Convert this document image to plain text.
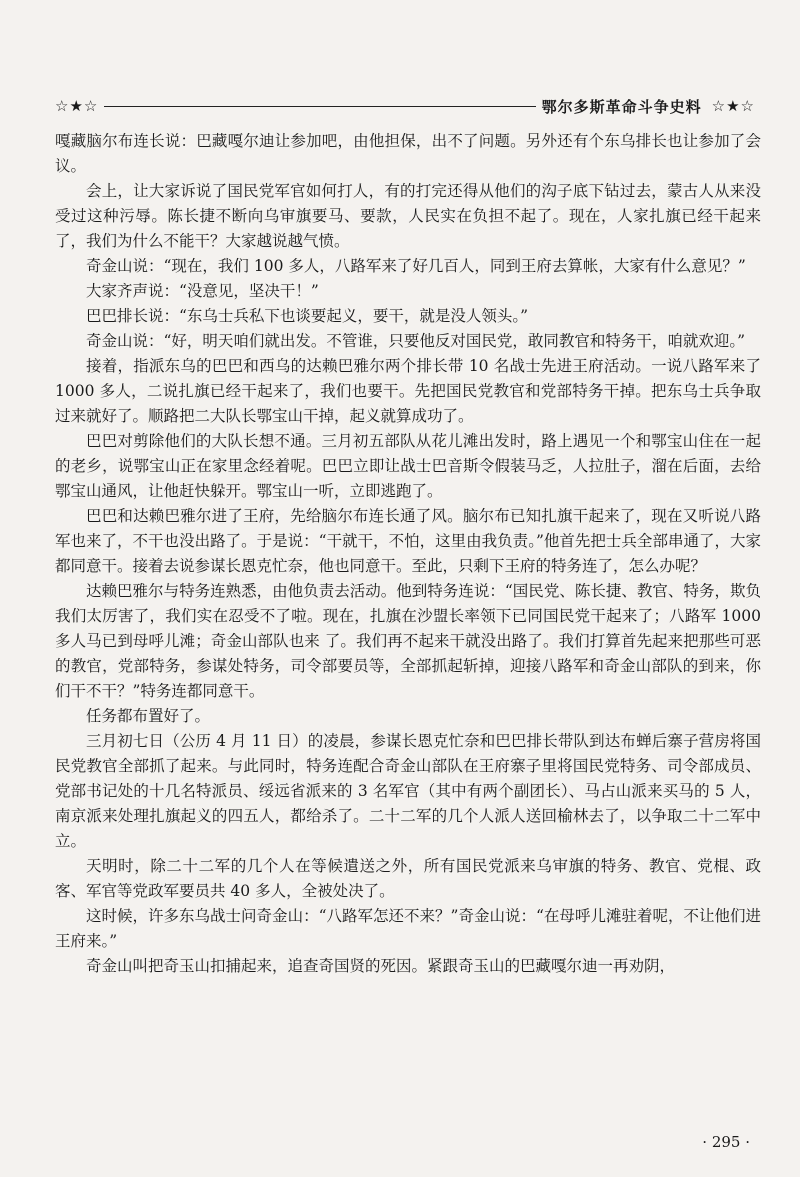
☆★☆	鄂尔多斯革命斗争史料 ☆★☆

嘎藏脑尔布连长说：巴藏嘎尔迪让参加吧，由他担保，出不了问题。另外还有个东乌排长也让参加了会议。

会上，让大家诉说了国民党军官如何打人，有的打完还得从他们的沟子底下钻过去，蒙古人从来没受过这种污辱。陈长捷不断向乌审旗要马、要款，人民实在负担不起了。现在，人家扎旗已经干起来了，我们为什么不能干？大家越说越气愤。

奇金山说：“现在，我们 100 多人，八路军来了好几百人，同到王府去算帐，大家有什么意见？”

大家齐声说：“没意见，坚决干！”

巴巴排长说：“东乌士兵私下也谈要起义，要干，就是没人领头。”

奇金山说：“好，明天咱们就出发。不管谁，只要他反对国民党，敢同教官和特务干，咱就欢迎。”

接着，指派东乌的巴巴和西乌的达赖巴雅尔两个排长带 10 名战士先进王府活动。一说八路军来了 1000 多人，二说扎旗已经干起来了，我们也要干。先把国民党教官和党部特务干掉。把东乌士兵争取过来就好了。顺路把二大队长鄂宝山干掉，起义就算成功了。

巴巴对剪除他们的大队长想不通。三月初五部队从花儿滩出发时，路上遇见一个和鄂宝山住在一起的老乡，说鄂宝山正在家里念经着呢。巴巴立即让战士巴音斯令假装马乏，人拉肚子，溜在后面，去给鄂宝山通风，让他赶快躲开。鄂宝山一听，立即逃跑了。

巴巴和达赖巴雅尔进了王府，先给脑尔布连长通了风。脑尔布已知扎旗干起来了，现在又听说八路军也来了，不干也没出路了。于是说：“干就干，不怕，这里由我负责。”他首先把士兵全部串通了，大家都同意干。接着去说参谋长恩克忙奈，他也同意干。至此，只剩下王府的特务连了，怎么办呢？

达赖巴雅尔与特务连熟悉，由他负责去活动。他到特务连说：“国民党、陈长捷、教官、特务，欺负我们太厉害了，我们实在忍受不了啦。现在，扎旗在沙盟长率领下已同国民党干起来了；八路军 1000 多人马已到母呼儿滩；奇金山部队也来 了。我们再不起来干就没出路了。我们打算首先起来把那些可恶的教官，党部特务，参谋处特务，司令部要员等，全部抓起斩掉，迎接八路军和奇金山部队的到来，你们干不干？”特务连都同意干。

任务都布置好了。

三月初七日（公历 4 月 11 日）的凌晨，参谋长恩克忙奈和巴巴排长带队到达布蝉后寨子营房将国民党教官全部抓了起来。与此同时，特务连配合奇金山部队在王府寨子里将国民党特务、司令部成员、党部书记处的十几名特派员、绥远省派来的 3 名军官（其中有两个副团长）、马占山派来买马的 5 人，南京派来处理扎旗起义的四五人，都给杀了。二十二军的几个人派人送回榆林去了，以争取二十二军中立。

天明时，除二十二军的几个人在等候遣送之外，所有国民党派来乌审旗的特务、教官、党棍、政客、军官等党政军要员共 40 多人，全被处决了。

这时候，许多东乌战士问奇金山：“八路军怎还不来？”奇金山说：“在母呼儿滩驻着呢，不让他们进王府来。”

奇金山叫把奇玉山扣捕起来，追查奇国贤的死因。紧跟奇玉山的巴藏嘎尔迪一再劝阴，

· 295 ·
